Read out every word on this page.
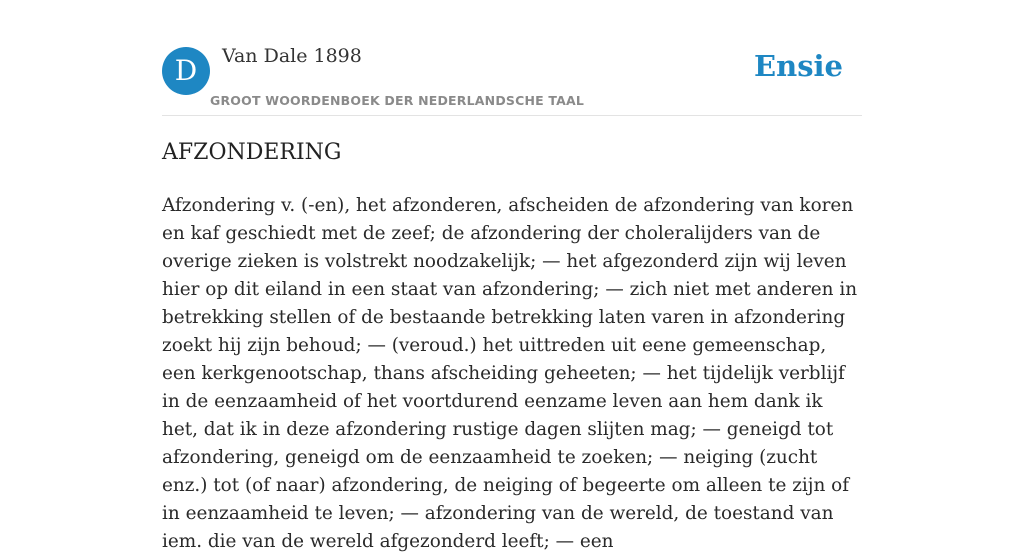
D	Van Dale 1898
GROOT WOORDENBOEK DER NEDERLANDSCHE TAAL
Ensie
AFZONDERING

Afzondering v. (-en), het afzonderen, afscheiden de afzondering van koren en kaf geschiedt met de zeef; de afzondering der choleralijders van de overige zieken is volstrekt noodzakelijk; — het afgezonderd zijn wij leven hier op dit eiland in een staat van afzondering; — zich niet met anderen in betrekking stellen of de bestaande betrekking laten varen in afzondering zoekt hij zijn behoud; — (veroud.) het uittreden uit eene gemeenschap, een kerkgenootschap, thans afscheiding geheeten; — het tijdelijk verblijf in de eenzaamheid of het voortdurend eenzame leven aan hem dank ik het, dat ik in deze afzondering rustige dagen slijten mag; — geneigd tot afzondering, geneigd om de eenzaamheid te zoeken; — neiging (zucht enz.) tot (of naar) afzondering, de neiging of begeerte om alleen te zijn of in eenzaamheid te leven; — afzondering van de wereld, de toestand van iem. die van de wereld afgezonderd leeft; — een
